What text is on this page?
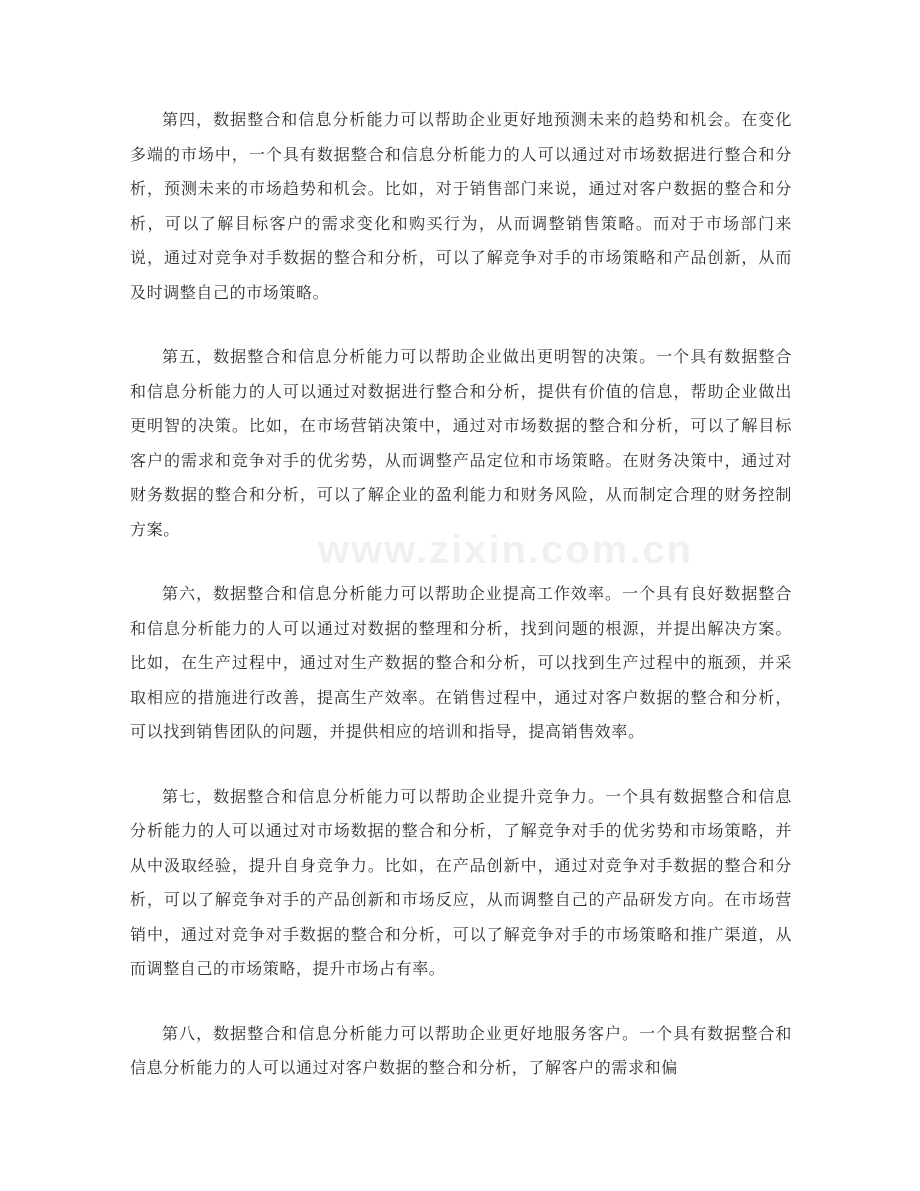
www.zixin.com.cn

第四，数据整合和信息分析能力可以帮助企业更好地预测未来的趋势和机会。在变化多端的市场中，一个具有数据整合和信息分析能力的人可以通过对市场数据进行整合和分析，预测未来的市场趋势和机会。比如，对于销售部门来说，通过对客户数据的整合和分析，可以了解目标客户的需求变化和购买行为，从而调整销售策略。而对于市场部门来说，通过对竞争对手数据的整合和分析，可以了解竞争对手的市场策略和产品创新，从而及时调整自己的市场策略。

第五，数据整合和信息分析能力可以帮助企业做出更明智的决策。一个具有数据整合和信息分析能力的人可以通过对数据进行整合和分析，提供有价值的信息，帮助企业做出更明智的决策。比如，在市场营销决策中，通过对市场数据的整合和分析，可以了解目标客户的需求和竞争对手的优劣势，从而调整产品定位和市场策略。在财务决策中，通过对财务数据的整合和分析，可以了解企业的盈利能力和财务风险，从而制定合理的财务控制方案。

第六，数据整合和信息分析能力可以帮助企业提高工作效率。一个具有良好数据整合和信息分析能力的人可以通过对数据的整理和分析，找到问题的根源，并提出解决方案。比如，在生产过程中，通过对生产数据的整合和分析，可以找到生产过程中的瓶颈，并采取相应的措施进行改善，提高生产效率。在销售过程中，通过对客户数据的整合和分析，可以找到销售团队的问题，并提供相应的培训和指导，提高销售效率。

第七，数据整合和信息分析能力可以帮助企业提升竞争力。一个具有数据整合和信息分析能力的人可以通过对市场数据的整合和分析，了解竞争对手的优劣势和市场策略，并从中汲取经验，提升自身竞争力。比如，在产品创新中，通过对竞争对手数据的整合和分析，可以了解竞争对手的产品创新和市场反应，从而调整自己的产品研发方向。在市场营销中，通过对竞争对手数据的整合和分析，可以了解竞争对手的市场策略和推广渠道，从而调整自己的市场策略，提升市场占有率。

第八，数据整合和信息分析能力可以帮助企业更好地服务客户。一个具有数据整合和信息分析能力的人可以通过对客户数据的整合和分析，了解客户的需求和偏
